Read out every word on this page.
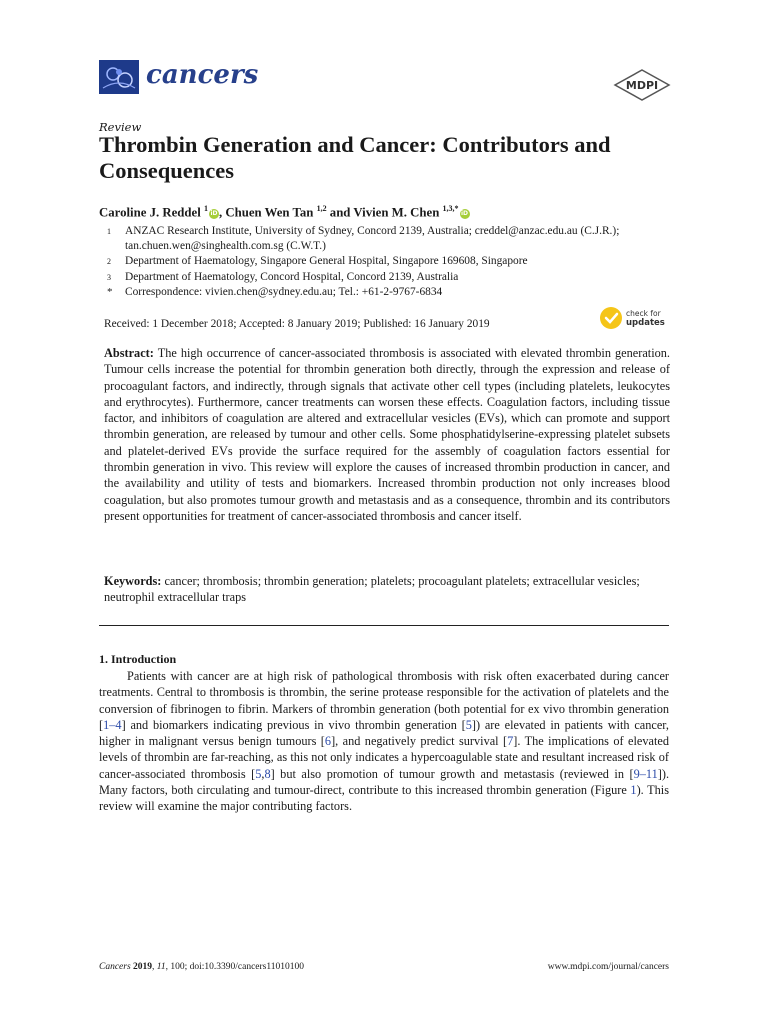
cancers	MDPI
Review
Thrombin Generation and Cancer: Contributors and Consequences
Caroline J. Reddel $^1$iD, Chuen Wen Tan $^{1,2}$ and Vivien M. Chen $^{1,3,*}$iD
1	ANZAC Research Institute, University of Sydney, Concord 2139, Australia; creddel@anzac.edu.au (C.J.R.); tan.chuen.wen@singhealth.com.sg (C.W.T.)
2	Department of Haematology, Singapore General Hospital, Singapore 169608, Singapore
3	Department of Haematology, Concord Hospital, Concord 2139, Australia
*	Correspondence: vivien.chen@sydney.edu.au; Tel.: +61-2-9767-6834
Received: 1 December 2018; Accepted: 8 January 2019; Published: 16 January 2019
check for
updates
Abstract: The high occurrence of cancer-associated thrombosis is associated with elevated thrombin generation. Tumour cells increase the potential for thrombin generation both directly, through the expression and release of procoagulant factors, and indirectly, through signals that activate other cell types (including platelets, leukocytes and erythrocytes). Furthermore, cancer treatments can worsen these effects. Coagulation factors, including tissue factor, and inhibitors of coagulation are altered and extracellular vesicles (EVs), which can promote and support thrombin generation, are released by tumour and other cells. Some phosphatidylserine-expressing platelet subsets and platelet-derived EVs provide the surface required for the assembly of coagulation factors essential for thrombin generation in vivo. This review will explore the causes of increased thrombin production in cancer, and the availability and utility of tests and biomarkers. Increased thrombin production not only increases blood coagulation, but also promotes tumour growth and metastasis and as a consequence, thrombin and its contributors present opportunities for treatment of cancer-associated thrombosis and cancer itself.
Keywords: cancer; thrombosis; thrombin generation; platelets; procoagulant platelets; extracellular vesicles; neutrophil extracellular traps
1. Introduction
Patients with cancer are at high risk of pathological thrombosis with risk often exacerbated during cancer treatments. Central to thrombosis is thrombin, the serine protease responsible for the activation of platelets and the conversion of fibrinogen to fibrin. Markers of thrombin generation (both potential for ex vivo thrombin generation [1–4] and biomarkers indicating previous in vivo thrombin generation [5]) are elevated in patients with cancer, higher in malignant versus benign tumours [6], and negatively predict survival [7]. The implications of elevated levels of thrombin are far-reaching, as this not only indicates a hypercoagulable state and resultant increased risk of cancer-associated thrombosis [5,8] but also promotion of tumour growth and metastasis (reviewed in [9–11]). Many factors, both circulating and tumour-direct, contribute to this increased thrombin generation (Figure 1). This review will examine the major contributing factors.
Cancers 2019, 11, 100; doi:10.3390/cancers11010100	www.mdpi.com/journal/cancers
